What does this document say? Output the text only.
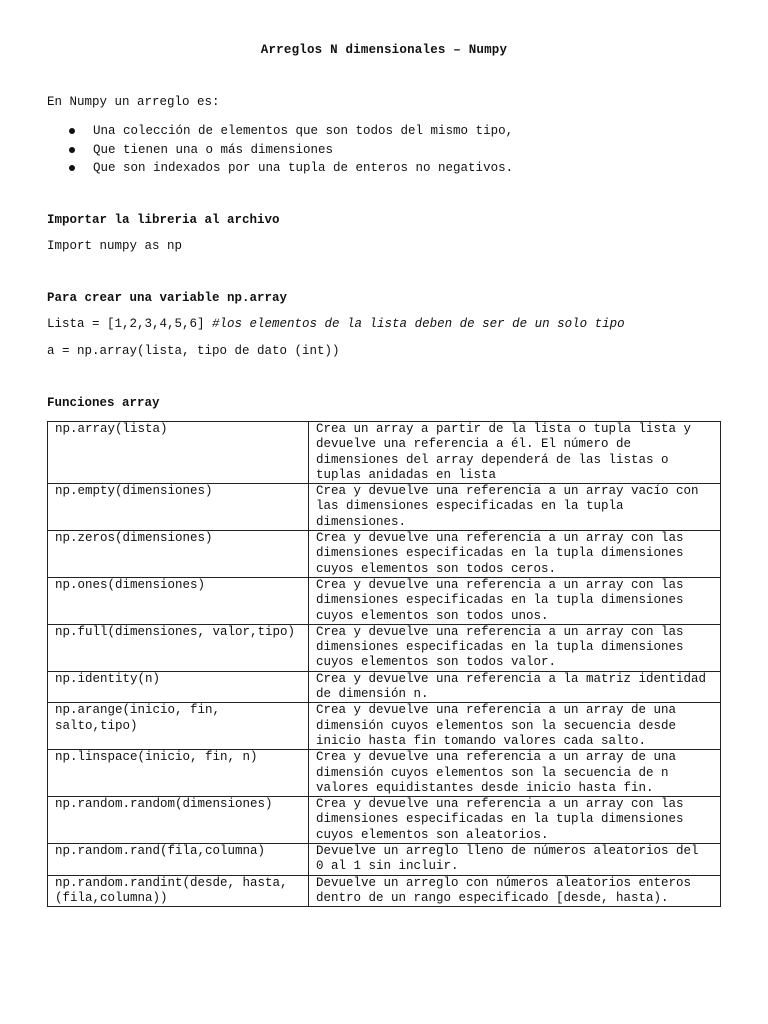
Arreglos N dimensionales – Numpy
En Numpy un arreglo es:
Una colección de elementos que son todos del mismo tipo,
Que tienen una o más dimensiones
Que son indexados por una tupla de enteros no negativos.
Importar la libreria al archivo
Import numpy as np
Para crear una variable np.array
Lista = [1,2,3,4,5,6] #los elementos de la lista deben de ser de un solo tipo
a = np.array(lista, tipo de dato (int))
Funciones array
np.array(lista)	Crea un array a partir de la lista o tupla lista y devuelve una referencia a él. El número de dimensiones del array dependerá de las listas o tuplas anidadas en lista
np.empty(dimensiones)	Crea y devuelve una referencia a un array vacío con las dimensiones especificadas en la tupla dimensiones.
np.zeros(dimensiones)	Crea y devuelve una referencia a un array con las dimensiones especificadas en la tupla dimensiones cuyos elementos son todos ceros.
np.ones(dimensiones)	Crea y devuelve una referencia a un array con las dimensiones especificadas en la tupla dimensiones cuyos elementos son todos unos.
np.full(dimensiones, valor,tipo)	Crea y devuelve una referencia a un array con las dimensiones especificadas en la tupla dimensiones cuyos elementos son todos valor.
np.identity(n)	Crea y devuelve una referencia a la matriz identidad de dimensión n.
np.arange(inicio, fin, salto,tipo)	Crea y devuelve una referencia a un array de una dimensión cuyos elementos son la secuencia desde inicio hasta fin tomando valores cada salto.
np.linspace(inicio, fin, n)	Crea y devuelve una referencia a un array de una dimensión cuyos elementos son la secuencia de n valores equidistantes desde inicio hasta fin.
np.random.random(dimensiones)	Crea y devuelve una referencia a un array con las dimensiones especificadas en la tupla dimensiones cuyos elementos son aleatorios.
np.random.rand(fila,columna)	Devuelve un arreglo lleno de números aleatorios del 0 al 1 sin incluir.
np.random.randint(desde, hasta,(fila,columna))	Devuelve un arreglo con números aleatorios enteros dentro de un rango especificado [desde, hasta).
